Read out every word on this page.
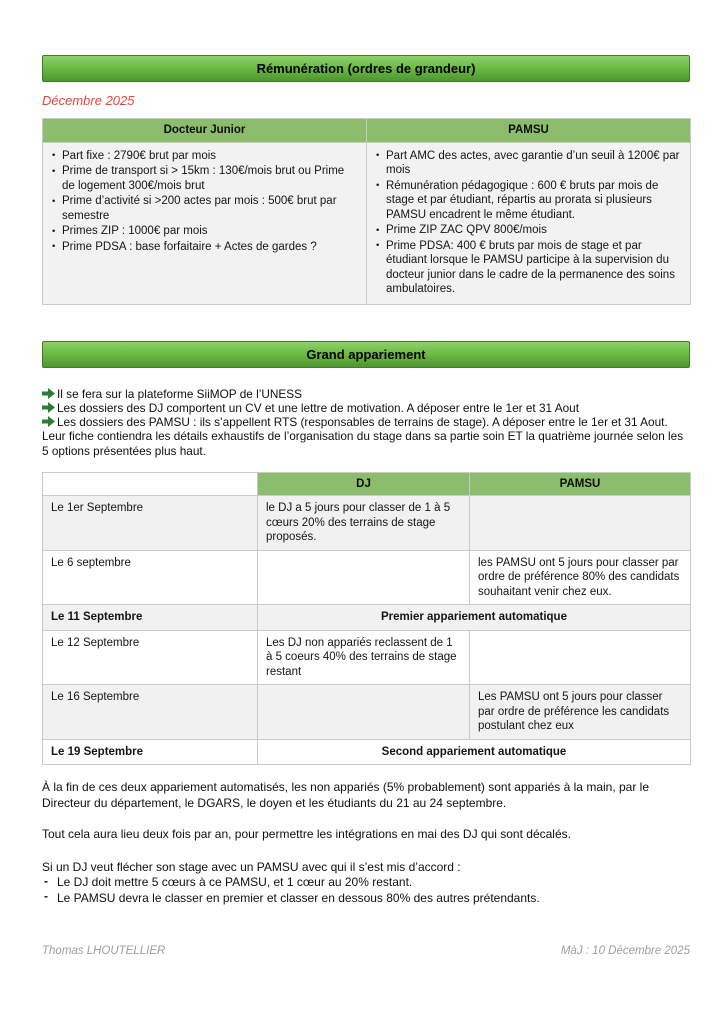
Rémunération (ordres de grandeur)
Décembre 2025
Docteur Junior	PAMSU

• Part fixe : 2790€ brut par mois
• Prime de transport si > 15km : 130€/mois brut ou Prime de logement 300€/mois brut
• Prime d’activité si >200 actes par mois : 500€ brut par semestre
• Primes ZIP : 1000€ par mois
• Prime PDSA : base forfaitaire + Actes de gardes ?

• Part AMC des actes, avec garantie d’un seuil à 1200€ par mois
• Rémunération pédagogique : 600 € bruts par mois de stage et par étudiant, répartis au prorata si plusieurs PAMSU encadrent le même étudiant.
• Prime ZIP ZAC QPV 800€/mois
• Prime PDSA: 400 € bruts par mois de stage et par étudiant lorsque le PAMSU participe à la supervision du docteur junior dans le cadre de la permanence des soins ambulatoires.
Grand appariement
Il se fera sur la plateforme SiiMOP de l’UNESS
Les dossiers des DJ comportent un CV et une lettre de motivation. A déposer entre le 1er et 31 Aout
Les dossiers des PAMSU : ils s’appellent RTS (responsables de terrains de stage). A déposer entre le 1er et 31 Aout. Leur fiche contiendra les détails exhaustifs de l’organisation du stage dans sa partie soin ET la quatrième journée selon les 5 options présentées plus haut.
	DJ	PAMSU
Le 1er Septembre	le DJ a 5 jours pour classer de 1 à 5 cœurs 20% des terrains de stage proposés.	
Le 6 septembre		les PAMSU ont 5 jours pour classer par ordre de préférence 80% des candidats souhaitant venir chez eux.
Le 11 Septembre	Premier appariement automatique	
Le 12 Septembre	Les DJ non appariés reclassent de 1 à 5 coeurs 40% des terrains de stage restant	
Le 16 Septembre		Les PAMSU ont 5 jours pour classer par ordre de préférence les candidats postulant chez eux
Le 19 Septembre	Second appariement automatique	

À la fin de ces deux appariement automatisés, les non appariés (5% probablement) sont appariés à la main, par le Directeur du département, le DGARS, le doyen et les étudiants du 21 au 24 septembre.

Tout cela aura lieu deux fois par an, pour permettre les intégrations en mai des DJ qui sont décalés.

Si un DJ veut flécher son stage avec un PAMSU avec qui il s’est mis d’accord :
- Le DJ doit mettre 5 cœurs à ce PAMSU, et 1 cœur au 20% restant.
- Le PAMSU devra le classer en premier et classer en dessous 80% des autres prétendants.
Thomas LHOUTELLIER	MàJ : 10 Décembre 2025
